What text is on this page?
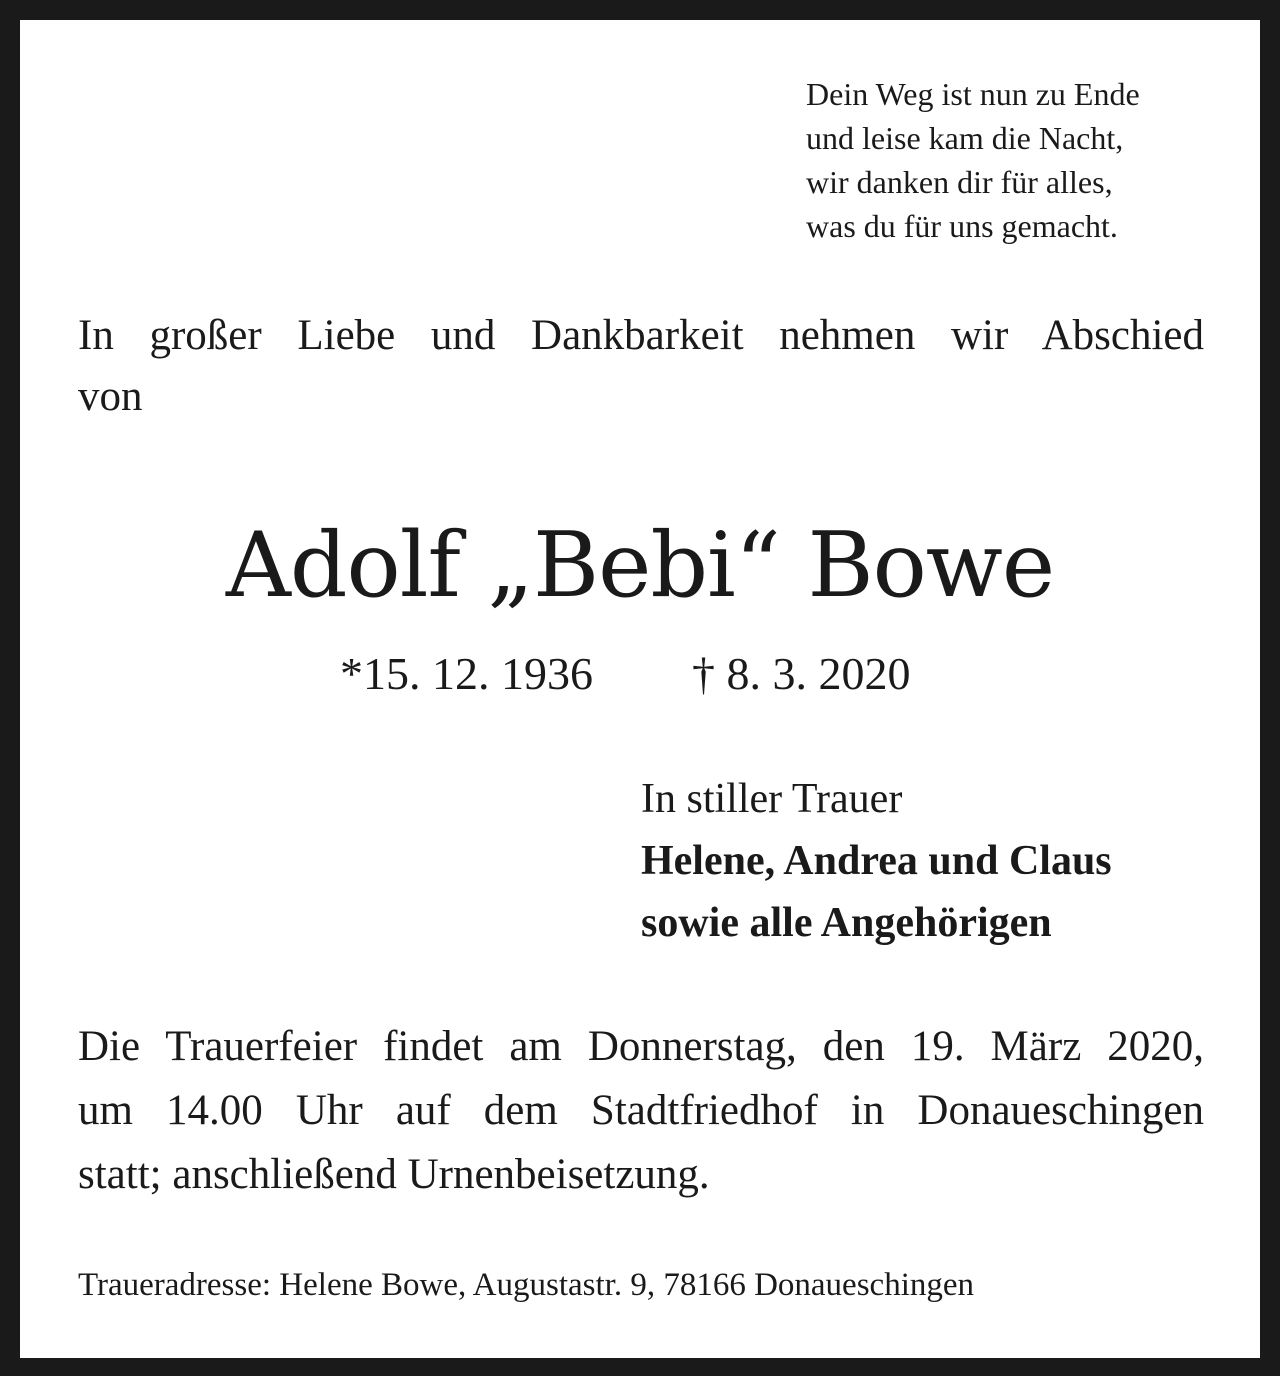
Dein Weg ist nun zu Ende
und leise kam die Nacht,
wir danken dir für alles,
was du für uns gemacht.
In großer Liebe und Dankbarkeit nehmen wir Abschied
von
Adolf „Bebi“ Bowe
*15. 12. 1936 † 8. 3. 2020
In stiller Trauer
Helene, Andrea und Claus
sowie alle Angehörigen
Die Trauerfeier findet am Donnerstag, den 19. März 2020,
um 14.00 Uhr auf dem Stadtfriedhof in Donaueschingen
statt; anschließend Urnenbeisetzung.
Traueradresse: Helene Bowe, Augustastr. 9, 78166 Donaueschingen
